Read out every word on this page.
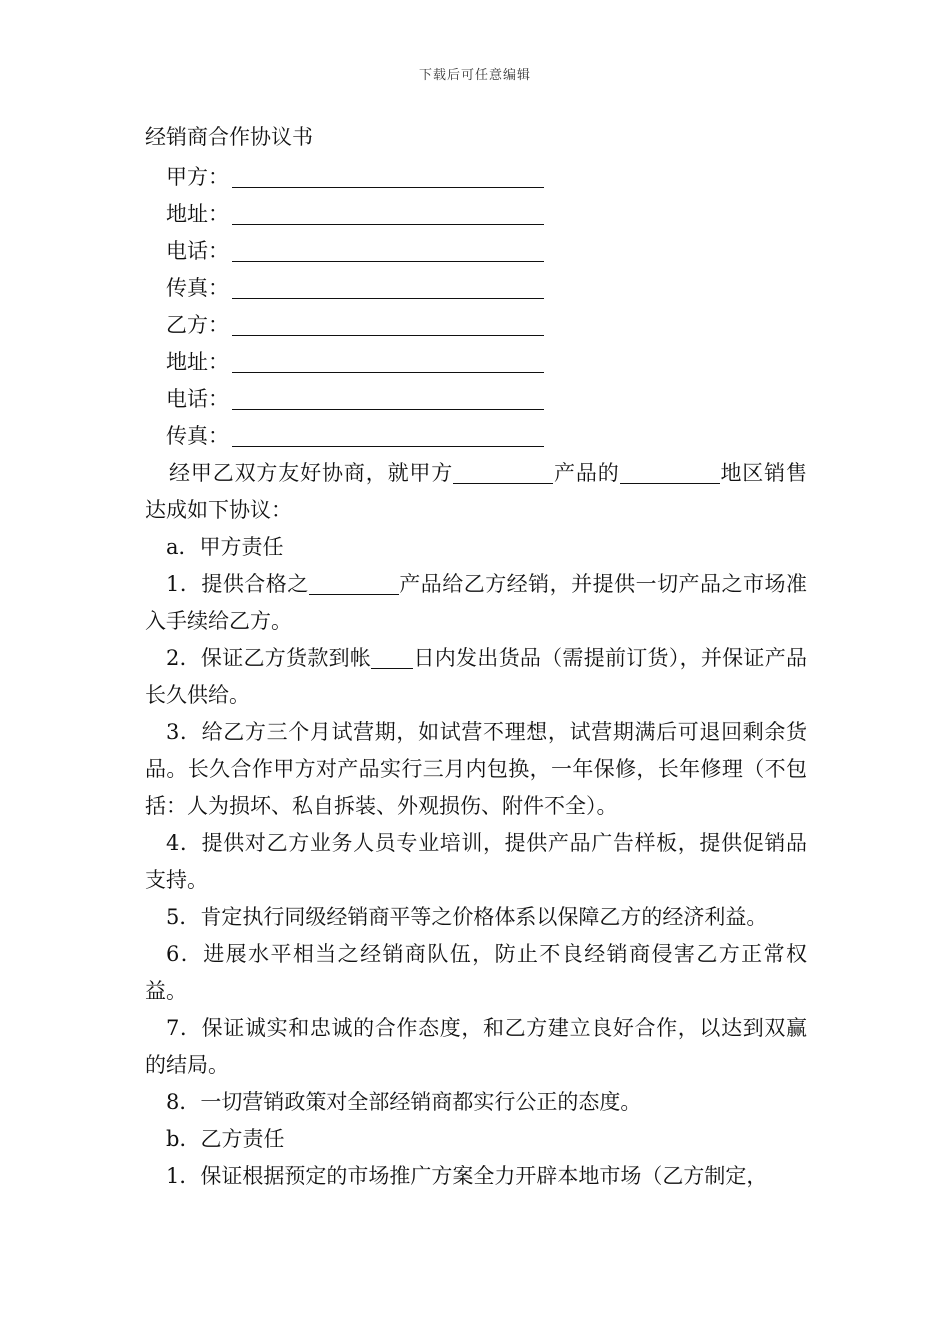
下载后可任意编辑
经销商合作协议书
甲方：
地址：
电话：
传真：
乙方：
地址：
电话：
传真：

经甲乙双方友好协商，就甲方	产品的	地区销售达成如下协议：

a．甲方责任

1．提供合格之	产品给乙方经销，并提供一切产品之市场准入手续给乙方。

2．保证乙方货款到帐 日内发出货品（需提前订货），并保证产品长久供给。

3．给乙方三个月试营期，如试营不理想，试营期满后可退回剩余货品。长久合作甲方对产品实行三月内包换，一年保修，长年修理（不包括：人为损坏、私自拆装、外观损伤、附件不全）。

4．提供对乙方业务人员专业培训，提供产品广告样板，提供促销品支持。

5．肯定执行同级经销商平等之价格体系以保障乙方的经济利益。

6．进展水平相当之经销商队伍，防止不良经销商侵害乙方正常权益。

7．保证诚实和忠诚的合作态度，和乙方建立良好合作，以达到双赢的结局。

8．一切营销政策对全部经销商都实行公正的态度。

b．乙方责任

1．保证根据预定的市场推广方案全力开辟本地市场（乙方制定，
